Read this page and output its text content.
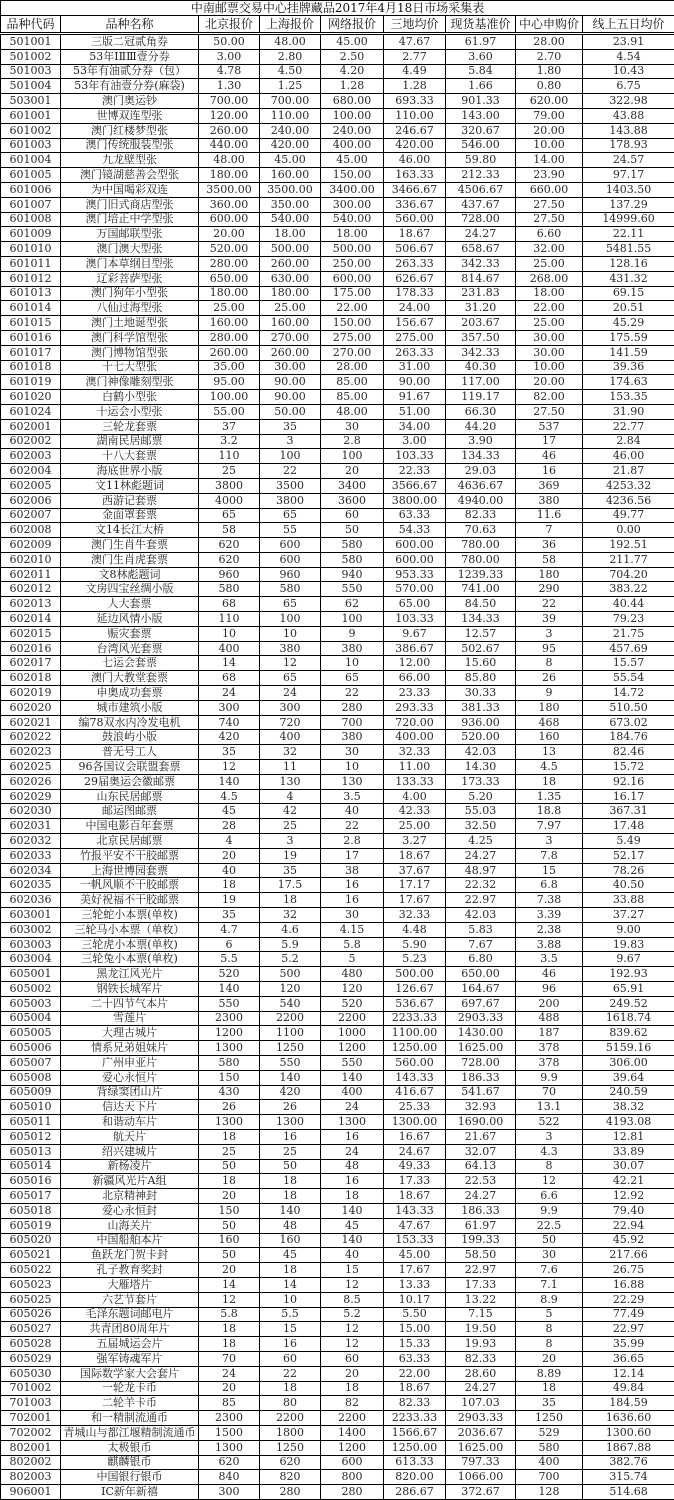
中南邮票交易中心挂牌藏品2017年4月18日市场采集表								
品种代码	品种名称	北京报价	上海报价	网络报价	三地均价	现货基准价	中心申购价	线上五日均价
501001	三版二冠贰角券	50.00	48.00	45.00	47.67	61.97	28.00	23.91
501002	53年ⅠⅡⅢ壹分券	3.00	2.80	2.50	2.77	3.60	2.70	4.54
501003	53年有油贰分券（包）	4.78	4.50	4.20	4.49	5.84	1.80	10.43
501004	53年有油壹分券(麻袋)	1.30	1.25	1.28	1.28	1.66	0.80	6.75
503001	澳门奥运钞	700.00	700.00	680.00	693.33	901.33	620.00	322.98
601001	世博双连型张	120.00	110.00	100.00	110.00	143.00	79.00	43.88
601002	澳门红楼梦型张	260.00	240.00	240.00	246.67	320.67	20.00	143.88
601003	澳门传统服装型张	440.00	420.00	400.00	420.00	546.00	10.00	178.93
601004	九龙壁型张	48.00	45.00	45.00	46.00	59.80	14.00	24.57
601005	澳门镜湖慈善会型张	180.00	160.00	150.00	163.33	212.33	23.90	97.17
601006	为中国喝彩双连	3500.00	3500.00	3400.00	3466.67	4506.67	660.00	1403.50
601007	澳门旧式商店型张	360.00	350.00	300.00	336.67	437.67	27.50	137.29
601008	澳门培正中学型张	600.00	540.00	540.00	560.00	728.00	27.50	14999.60
601009	万国邮联型张	20.00	18.00	18.00	18.67	24.27	6.60	22.11
601010	澳门澳大型张	520.00	500.00	500.00	506.67	658.67	32.00	5481.55
601011	澳门本草纲目型张	280.00	260.00	250.00	263.33	342.33	25.00	128.16
601012	辽彩菩萨型张	650.00	630.00	600.00	626.67	814.67	268.00	431.32
601013	澳门狗年小型张	180.00	180.00	175.00	178.33	231.83	18.00	69.15
601014	八仙过海型张	25.00	25.00	22.00	24.00	31.20	22.00	20.51
601015	澳门土地诞型张	160.00	160.00	150.00	156.67	203.67	25.00	45.29
601016	澳门科学馆型张	280.00	270.00	275.00	275.00	357.50	30.00	175.59
601017	澳门博物馆型张	260.00	260.00	270.00	263.33	342.33	30.00	141.59
601018	十七大型张	35.00	30.00	28.00	31.00	40.30	10.00	39.36
601019	澳门神像雕刻型张	95.00	90.00	85.00	90.00	117.00	20.00	174.63
601020	白鹤小型张	100.00	90.00	85.00	91.67	119.17	82.00	153.35
601024	十运会小型张	55.00	50.00	48.00	51.00	66.30	27.50	31.90
602001	三轮龙套票	37	35	30	34.00	44.20	537	22.77
602002	湖南民居邮票	3.2	3	2.8	3.00	3.90	17	2.84
602003	十八大套票	110	100	100	103.33	134.33	46	46.00
602004	海底世界小版	25	22	20	22.33	29.03	16	21.87
602005	文11林彪题词	3800	3500	3400	3566.67	4636.67	369	4253.32
602006	西游记套票	4000	3800	3600	3800.00	4940.00	380	4236.56
602007	金面罩套票	65	65	60	63.33	82.33	11.6	49.77
602008	文14长江大桥	58	55	50	54.33	70.63	7	0.00
602009	澳门生肖牛套票	620	600	580	600.00	780.00	36	192.51
602010	澳门生肖虎套票	620	600	580	600.00	780.00	58	211.77
602011	文8林彪题词	960	960	940	953.33	1239.33	180	704.20
602012	文房四宝丝绸小版	580	580	550	570.00	741.00	290	383.22
602013	人大套票	68	65	62	65.00	84.50	22	40.44
602014	延边风情小版	110	100	100	103.33	134.33	39	79.23
602015	赈灾套票	10	10	9	9.67	12.57	3	21.75
602016	台湾风光套票	400	380	380	386.67	502.67	95	457.69
602017	七运会套票	14	12	10	12.00	15.60	8	15.57
602018	澳门大教堂套票	68	65	65	66.00	85.80	26	55.54
602019	申奥成功套票	24	24	22	23.33	30.33	9	14.72
602020	城市建筑小版	300	300	280	293.33	381.33	180	510.50
602021	编78双水内冷发电机	740	720	700	720.00	936.00	468	673.02
602022	鼓浪屿小版	420	400	380	400.00	520.00	160	184.76
602023	普无号工人	35	32	30	32.33	42.03	13	82.46
602025	96各国议会联盟套票	12	11	10	11.00	14.30	4.5	15.72
602026	29届奥运会徽邮票	140	130	130	133.33	173.33	18	92.16
602029	山东民居邮票	4.5	4	3.5	4.00	5.20	1.35	16.17
602030	邮运图邮票	45	42	40	42.33	55.03	18.8	367.31
602031	中国电影百年套票	28	25	22	25.00	32.50	7.97	17.48
602032	北京民居邮票	4	3	2.8	3.27	4.25	3	5.49
602033	竹报平安不干胶邮票	20	19	17	18.67	24.27	7.8	52.17
602034	上海世博园套票	40	35	38	37.67	48.97	15	78.26
602035	一帆风顺不干胶邮票	18	17.5	16	17.17	22.32	6.8	40.50
602036	美好祝福不干胶邮票	19	18	16	17.67	22.97	7.38	33.88
603001	三轮蛇小本票(单枚)	35	32	30	32.33	42.03	3.39	37.27
603002	三轮马小本票（单枚）	4.7	4.6	4.15	4.48	5.83	2.38	9.00
603003	三轮虎小本票(单枚)	6	5.9	5.8	5.90	7.67	3.88	19.83
603004	三轮兔小本票(单枚)	5.5	5.2	5	5.23	6.80	3.5	9.67
605001	黑龙江风光片	520	500	480	500.00	650.00	46	192.93
605002	钢铁长城军片	140	120	120	126.67	164.67	96	65.91
605003	二十四节气本片	550	540	520	536.67	697.67	200	249.52
605004	雪莲片	2300	2200	2200	2233.33	2903.33	488	1618.74
605005	大理古城片	1200	1100	1000	1100.00	1430.00	187	839.62
605006	情系兄弟姐妹片	1300	1250	1200	1250.00	1625.00	378	5159.16
605007	广州申亚片	580	550	550	560.00	728.00	378	306.00
605008	爱心永恒片	150	140	140	143.33	186.33	9.9	39.64
605009	背绿窦团山片	430	420	400	416.67	541.67	70	240.59
605010	信达天下片	26	26	24	25.33	32.93	13.1	38.32
605011	和谐动车片	1300	1300	1300	1300.00	1690.00	522	4193.08
605012	航天片	18	16	16	16.67	21.67	3	12.81
605013	绍兴建城片	25	25	24	24.67	32.07	4.3	33.89
605014	新杨凌片	50	50	48	49.33	64.13	8	30.07
605016	新疆风光片A组	18	18	16	17.33	22.53	12	42.21
605017	北京精神封	20	18	18	18.67	24.27	6.6	12.92
605018	爱心永恒封	150	140	140	143.33	186.33	9.9	79.40
605019	山海关片	50	48	45	47.67	61.97	22.5	22.94
605020	中国船舶本片	160	160	140	153.33	199.33	50	45.92
605021	鱼跃龙门贺卡封	50	45	40	45.00	58.50	30	217.66
605022	孔子教育奖封	20	18	15	17.67	22.97	7.6	26.75
605023	大雁塔片	14	14	12	13.33	17.33	7.1	16.88
605025	六艺节套片	12	10	8.5	10.17	13.22	8.9	22.29
605026	毛泽东题词邮电片	5.8	5.5	5.2	5.50	7.15	5	77.49
605027	共青团80周年片	18	15	12	15.00	19.50	8	22.97
605028	五届城运会片	18	16	12	15.33	19.93	8	35.99
605029	强军铸魂军片	70	60	60	63.33	82.33	20	36.65
605030	国际数学家大会套片	24	22	20	22.00	28.60	8.89	12.14
701002	一轮龙卡币	20	18	18	18.67	24.27	18	49.84
701003	二轮羊卡币	85	80	82	82.33	107.03	35	184.59
702001	和一精制流通币	2300	2200	2200	2233.33	2903.33	1250	1636.60
702002	青城山与都江堰精制流通币	1500	1800	1400	1566.67	2036.67	529	1300.60
802001	太极银币	1300	1250	1200	1250.00	1625.00	580	1867.88
802002	麒麟银币	620	620	600	613.33	797.33	400	382.76
802003	中国银行银币	840	820	800	820.00	1066.00	700	315.74
906001	IC新年新禧	300	280	280	286.67	372.67	128	514.68
